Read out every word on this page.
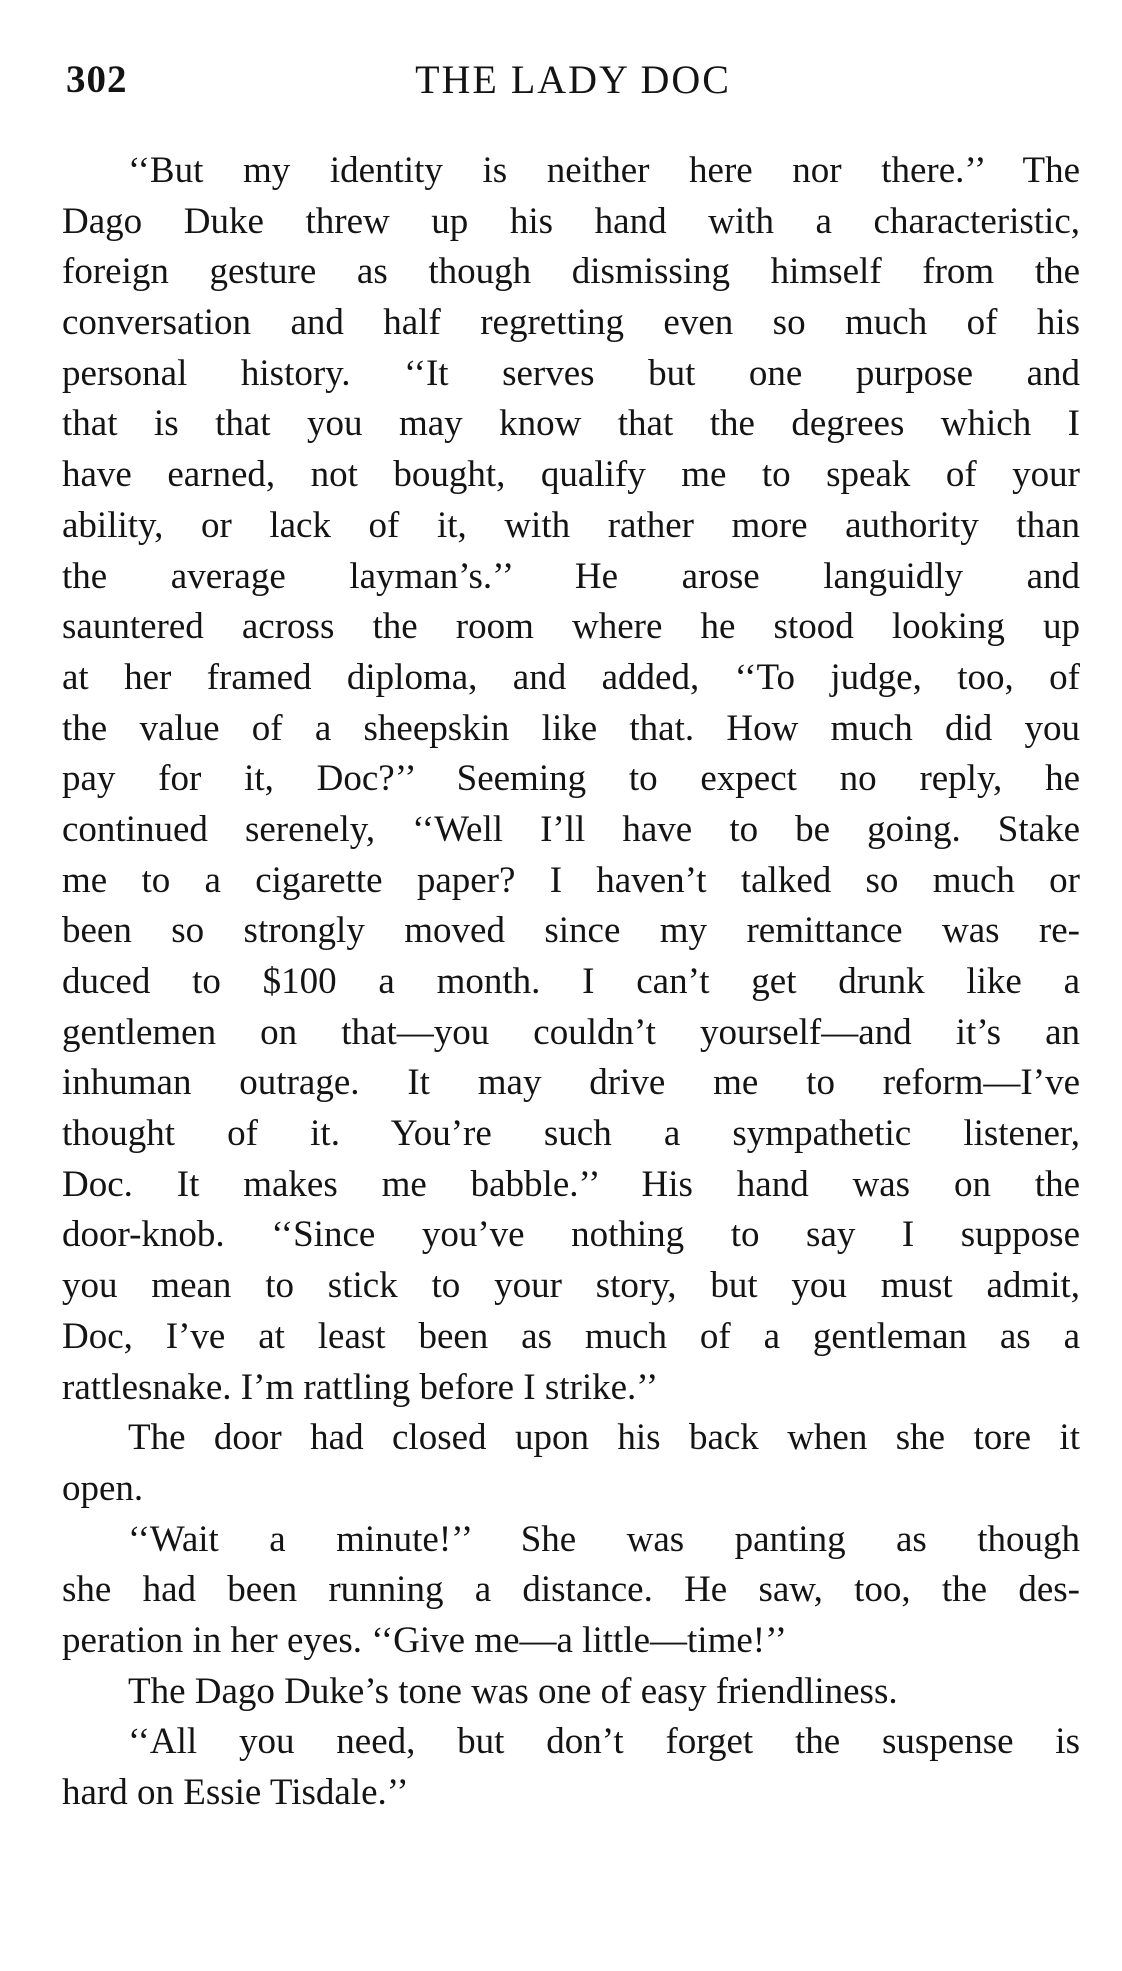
302	THE LADY DOC
‘‘But my identity is neither here nor there.’’ The
Dago Duke threw up his hand with a characteristic,
foreign gesture as though dismissing himself from the
conversation and half regretting even so much of his
personal history. ‘‘It serves but one purpose and
that is that you may know that the degrees which I
have earned, not bought, qualify me to speak of your
ability, or lack of it, with rather more authority than
the average layman’s.’’ He arose languidly and
sauntered across the room where he stood looking up
at her framed diploma, and added, ‘‘To judge, too, of
the value of a sheepskin like that. How much did you
pay for it, Doc?’’ Seeming to expect no reply, he
continued serenely, ‘‘Well I’ll have to be going. Stake
me to a cigarette paper? I haven’t talked so much or
been so strongly moved since my remittance was re-
duced to $100 a month. I can’t get drunk like a
gentlemen on that—you couldn’t yourself—and it’s an
inhuman outrage. It may drive me to reform—I’ve
thought of it. You’re such a sympathetic listener,
Doc. It makes me babble.’’ His hand was on the
door-knob. ‘‘Since you’ve nothing to say I suppose
you mean to stick to your story, but you must admit,
Doc, I’ve at least been as much of a gentleman as a
rattlesnake. I’m rattling before I strike.’’
The door had closed upon his back when she tore it
open.
‘‘Wait a minute!’’ She was panting as though
she had been running a distance. He saw, too, the des-
peration in her eyes. ‘‘Give me—a little—time!’’
The Dago Duke’s tone was one of easy friendliness.
‘‘All you need, but don’t forget the suspense is
hard on Essie Tisdale.’’
